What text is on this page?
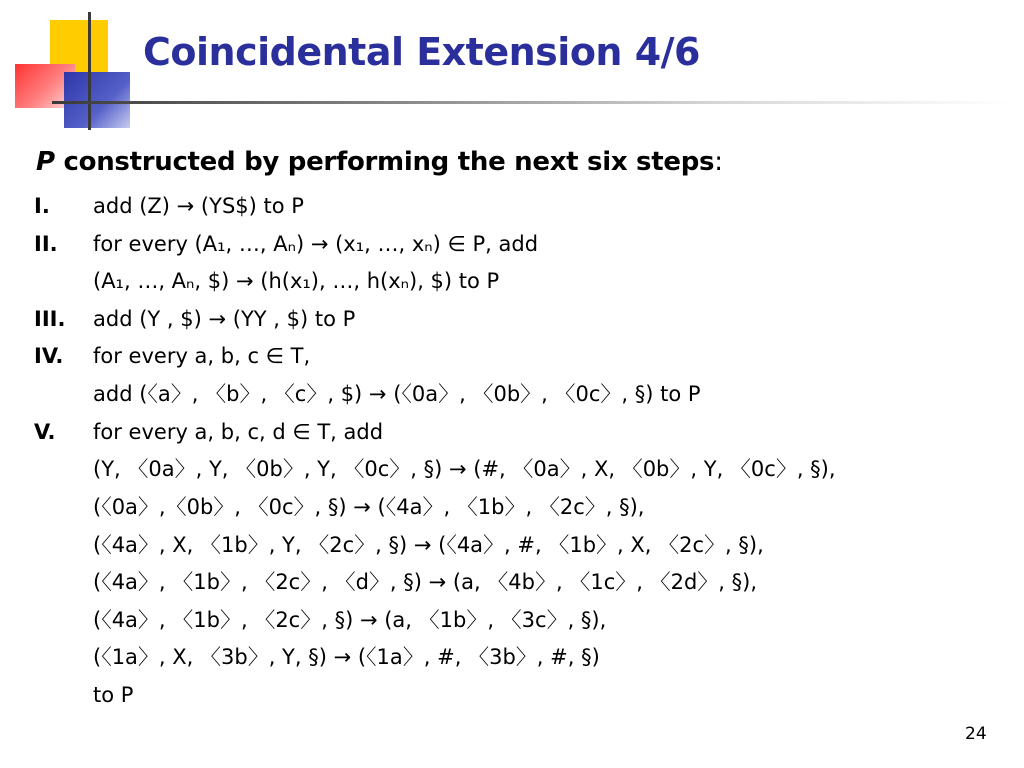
Coincidental Extension 4/6
P constructed by performing the next six steps:
I. add (Z) → (YS$) to P
II. for every (A₁, …, Aₙ) → (x₁, …, xₙ) ∈ P, add
(A₁, …, Aₙ, $) → (h(x₁), …, h(xₙ), $) to P
III. add (Y , $) → (YY , $) to P
IV. for every a, b, c ∈ T,
add (〈a〉, 〈b〉, 〈c〉, $) → (〈0a〉, 〈0b〉, 〈0c〉, §) to P
V. for every a, b, c, d ∈ T, add
(Y, 〈0a〉, Y, 〈0b〉, Y, 〈0c〉, §) → (#, 〈0a〉, X, 〈0b〉, Y, 〈0c〉, §),
(〈0a〉,〈0b〉, 〈0c〉, §) → (〈4a〉, 〈1b〉, 〈2c〉, §),
(〈4a〉, X, 〈1b〉, Y, 〈2c〉, §) → (〈4a〉, #, 〈1b〉, X, 〈2c〉, §),
(〈4a〉, 〈1b〉, 〈2c〉, 〈d〉, §) → (a, 〈4b〉, 〈1c〉, 〈2d〉, §),
(〈4a〉, 〈1b〉, 〈2c〉, §) → (a, 〈1b〉, 〈3c〉, §),
(〈1a〉, X, 〈3b〉, Y, §) → (〈1a〉, #, 〈3b〉, #, §)
to P
24
